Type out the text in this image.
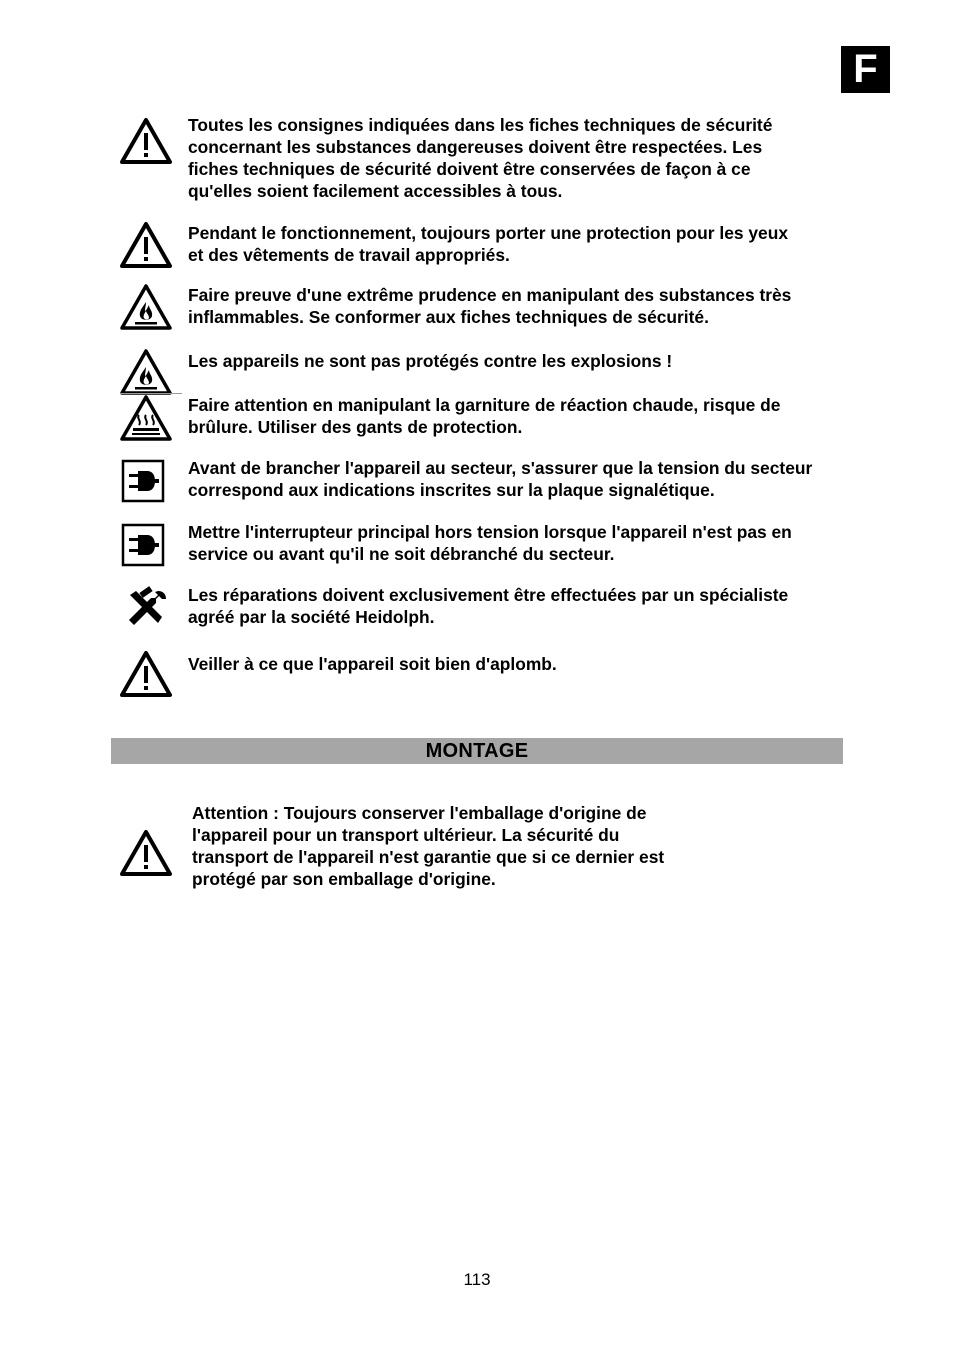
F
Toutes les consignes indiquées dans les fiches techniques de sécurité
concernant les substances dangereuses doivent être respectées. Les
fiches techniques de sécurité doivent être conservées de façon à ce
qu'elles soient facilement accessibles à tous.
Pendant le fonctionnement, toujours porter une protection pour les yeux
et des vêtements de travail appropriés.
Faire preuve d'une extrême prudence en manipulant des substances très
inflammables. Se conformer aux fiches techniques de sécurité.
Les appareils ne sont pas protégés contre les explosions !
Faire attention en manipulant la garniture de réaction chaude, risque de
brûlure. Utiliser des gants de protection.
Avant de brancher l'appareil au secteur, s'assurer que la tension du secteur
correspond aux indications inscrites sur la plaque signalétique.
Mettre l'interrupteur principal hors tension lorsque l'appareil n'est pas en
service ou avant qu'il ne soit débranché du secteur.
Les réparations doivent exclusivement être effectuées par un spécialiste
agréé par la société Heidolph.
Veiller à ce que l'appareil soit bien d'aplomb.
MONTAGE
Attention : Toujours conserver l'emballage d'origine de
l'appareil pour un transport ultérieur. La sécurité du
transport de l'appareil n'est garantie que si ce dernier est
protégé par son emballage d'origine.
113
